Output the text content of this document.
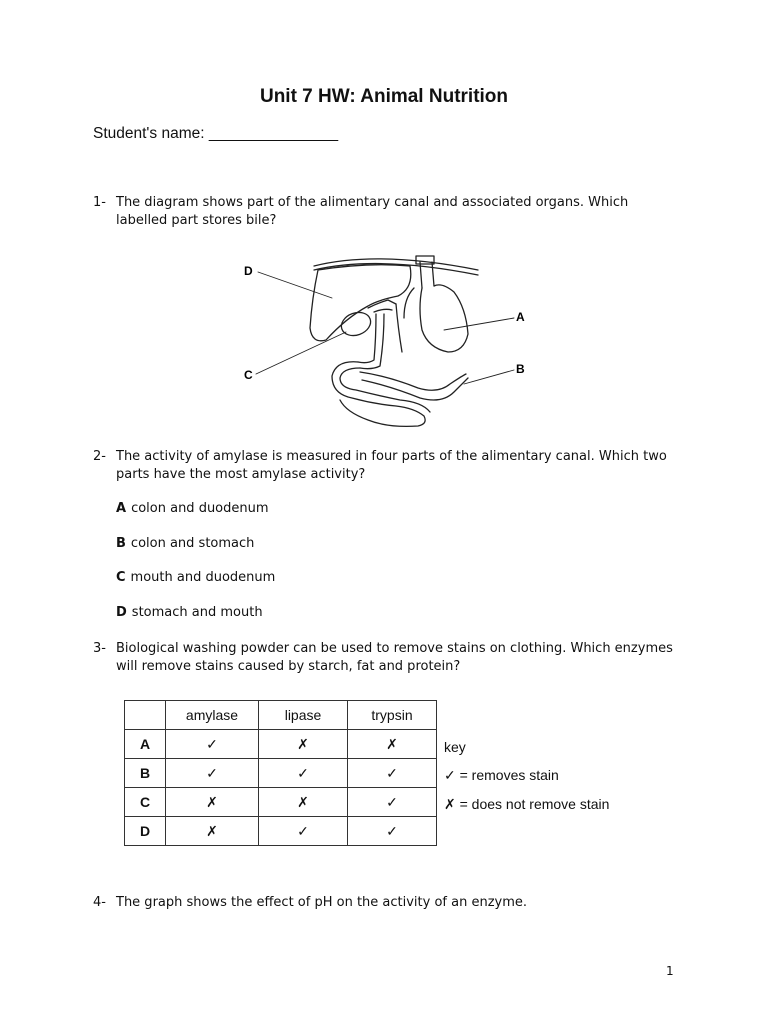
Unit 7 HW: Animal Nutrition
Student's name: _______________
1- The diagram shows part of the alimentary canal and associated organs. Which labelled part stores bile?
D
A
C	B
2- The activity of amylase is measured in four parts of the alimentary canal. Which two parts have the most amylase activity?
A colon and duodenum
B colon and stomach
C mouth and duodenum
D stomach and mouth
3- Biological washing powder can be used to remove stains on clothing. Which enzymes will remove stains caused by starch, fat and protein?
	amylase	lipase	trypsin
A	✓	✗	✗
B	✓	✓	✓
C	✗	✗	✓
D	✗	✓	✓
key
✓ = removes stain
✗ = does not remove stain
4- The graph shows the effect of pH on the activity of an enzyme.
1
